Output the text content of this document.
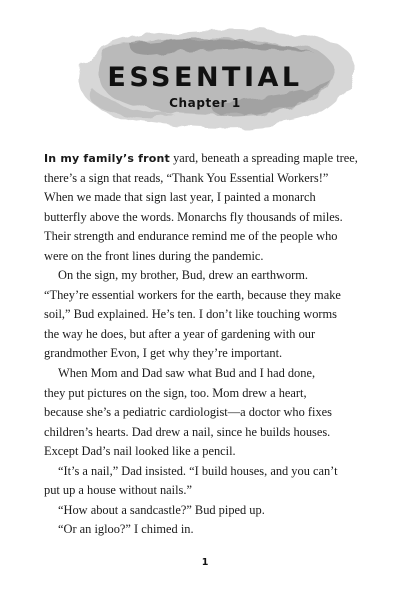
ESSENTIAL
Chapter 1
In my family’s front yard, beneath a spreading maple tree,
there’s a sign that reads, “Thank You Essential Workers!”
When we made that sign last year, I painted a monarch
butterfly above the words. Monarchs fly thousands of miles.
Their strength and endurance remind me of the people who
were on the front lines during the pandemic.
On the sign, my brother, Bud, drew an earthworm.
“They’re essential workers for the earth, because they make
soil,” Bud explained. He’s ten. I don’t like touching worms
the way he does, but after a year of gardening with our
grandmother Evon, I get why they’re important.
When Mom and Dad saw what Bud and I had done,
they put pictures on the sign, too. Mom drew a heart,
because she’s a pediatric cardiologist—a doctor who fixes
children’s hearts. Dad drew a nail, since he builds houses.
Except Dad’s nail looked like a pencil.
“It’s a nail,” Dad insisted. “I build houses, and you can’t
put up a house without nails.”
“How about a sandcastle?” Bud piped up.
“Or an igloo?” I chimed in.
1
